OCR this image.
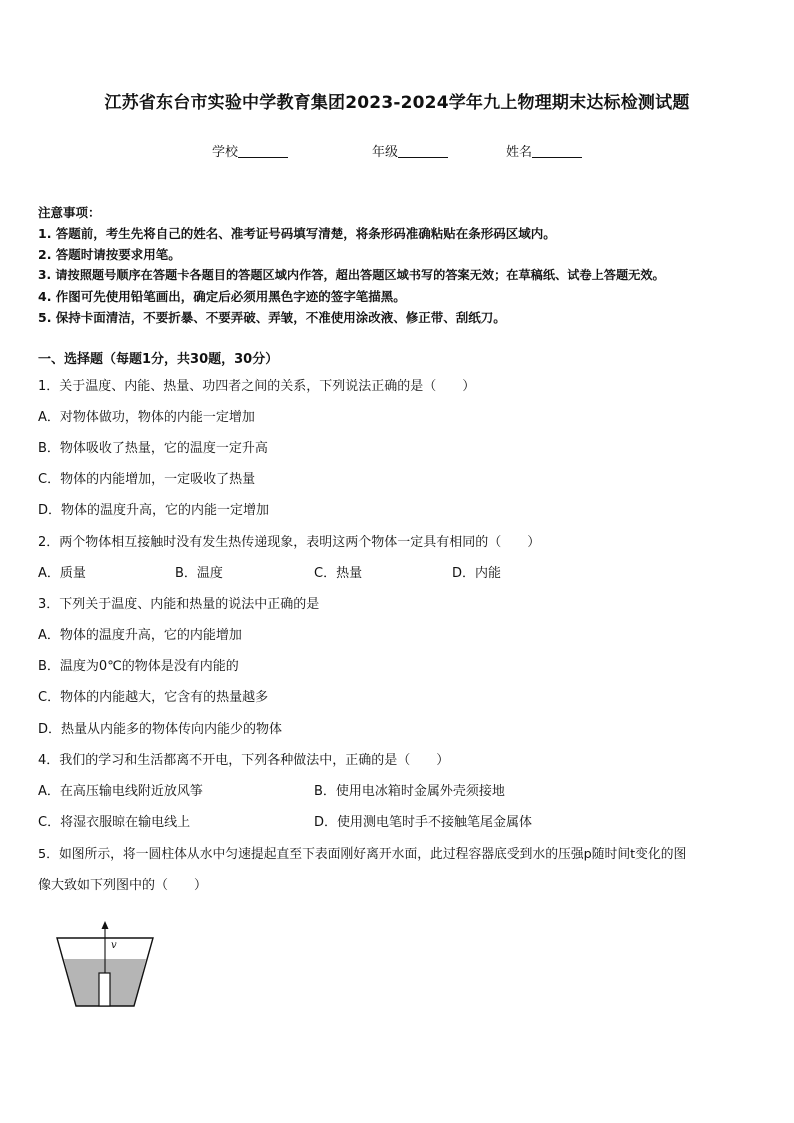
江苏省东台市实验中学教育集团2023-2024学年九上物理期末达标检测试题
学校	年级	姓名
注意事项：
1. 答题前，考生先将自己的姓名、准考证号码填写清楚，将条形码准确粘贴在条形码区域内。
2. 答题时请按要求用笔。
3. 请按照题号顺序在答题卡各题目的答题区域内作答，超出答题区域书写的答案无效；在草稿纸、试卷上答题无效。
4. 作图可先使用铅笔画出，确定后必须用黑色字迹的签字笔描黑。
5. 保持卡面清洁，不要折暴、不要弄破、弄皱，不准使用涂改液、修正带、刮纸刀。
一、选择题（每题1分，共30题，30分）
1．关于温度、内能、热量、功四者之间的关系，下列说法正确的是（　　）
A．对物体做功，物体的内能一定增加
B．物体吸收了热量，它的温度一定升高
C．物体的内能增加，一定吸收了热量
D．物体的温度升高，它的内能一定增加
2．两个物体相互接触时没有发生热传递现象，表明这两个物体一定具有相同的（　　）
A．质量	B．温度	C．热量	D．内能
3．下列关于温度、内能和热量的说法中正确的是
A．物体的温度升高，它的内能增加
B．温度为0℃的物体是没有内能的
C．物体的内能越大，它含有的热量越多
D．热量从内能多的物体传向内能少的物体
4．我们的学习和生活都离不开电，下列各种做法中，正确的是（　　）
A．在高压输电线附近放风筝	B．使用电冰箱时金属外壳须接地
C．将湿衣服晾在输电线上	D．使用测电笔时手不接触笔尾金属体
5．如图所示，将一圆柱体从水中匀速提起直至下表面刚好离开水面，此过程容器底受到水的压强p随时间t变化的图
像大致如下列图中的（　　）
v
